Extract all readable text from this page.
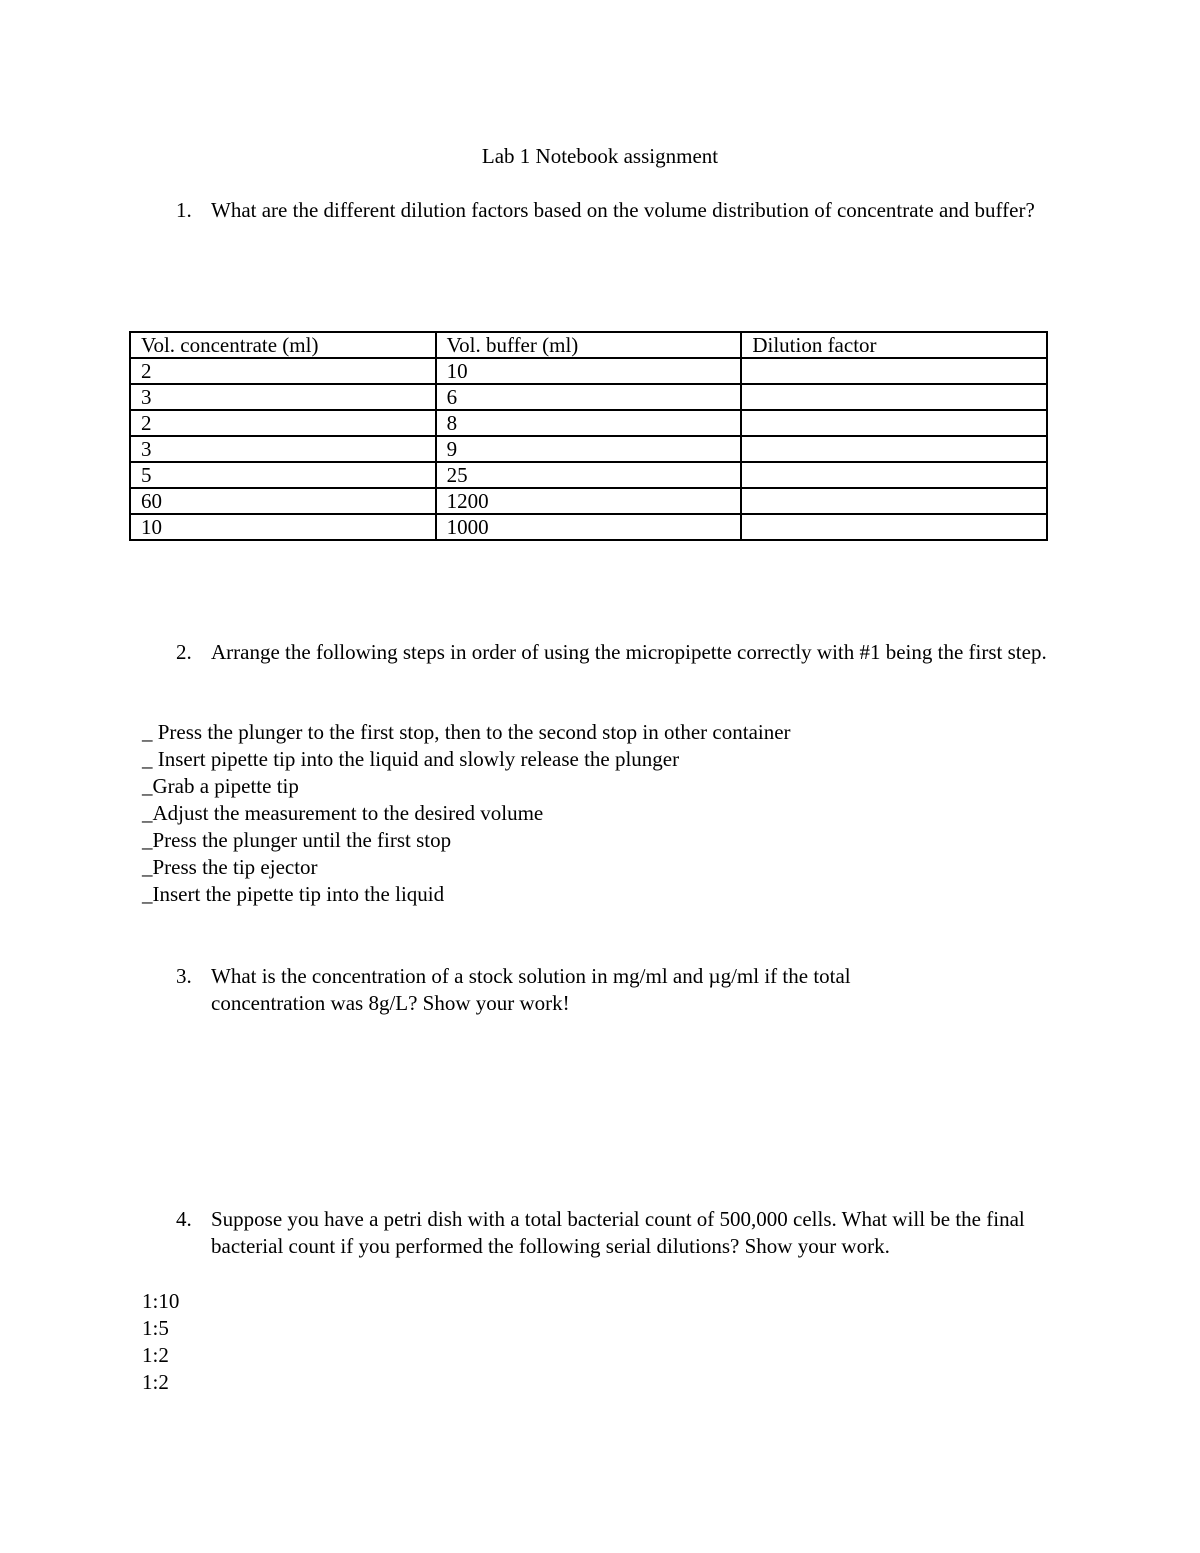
Lab 1 Notebook assignment
1. What are the different dilution factors based on the volume distribution of concentrate and buffer?
Vol. concentrate (ml)	Vol. buffer (ml)	Dilution factor
2	10	
3	6	
2	8	
3	9	
5	25	
60	1200	
10	1000	
2. Arrange the following steps in order of using the micropipette correctly with #1 being the first step.
_ Press the plunger to the first stop, then to the second stop in other container
_ Insert pipette tip into the liquid and slowly release the plunger
_Grab a pipette tip
_Adjust the measurement to the desired volume
_Press the plunger until the first stop
_Press the tip ejector
_Insert the pipette tip into the liquid
3. What is the concentration of a stock solution in mg/ml and µg/ml if the total concentration was 8g/L? Show your work!
4. Suppose you have a petri dish with a total bacterial count of 500,000 cells. What will be the final bacterial count if you performed the following serial dilutions? Show your work.
1:10
1:5
1:2
1:2
